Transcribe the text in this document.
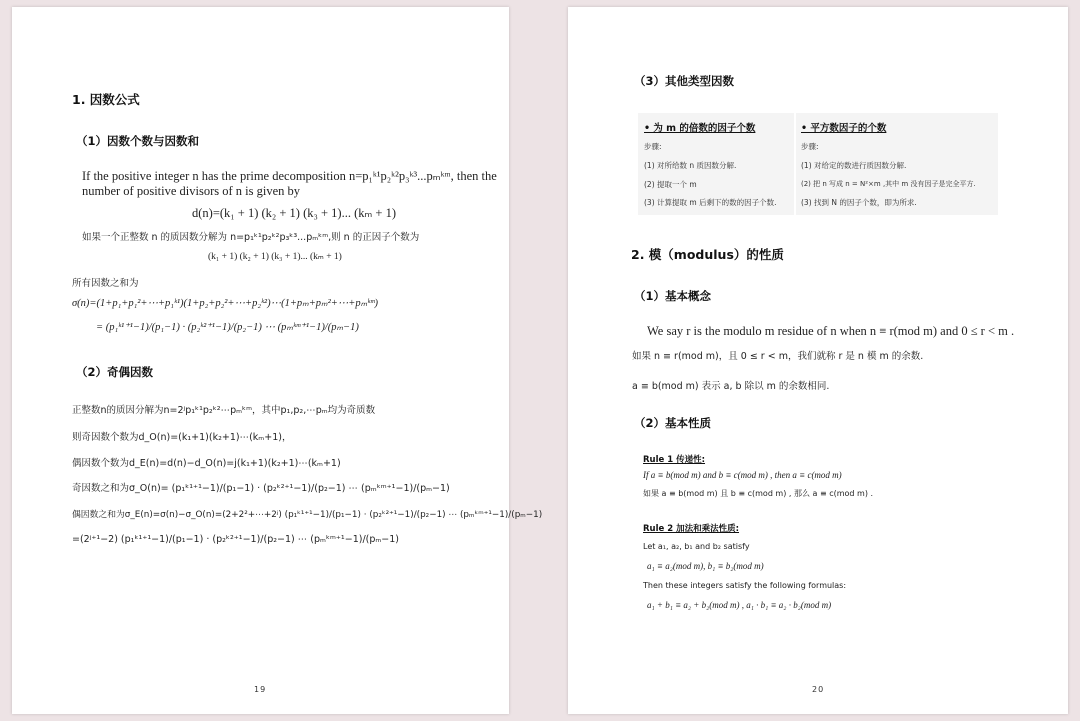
1. 因数公式
（1）因数个数与因数和
If the positive integer n has the prime decomposition n=p₁ᵏ¹p₂ᵏ²p₃ᵏ³...pₘᵏᵐ, then the
number of positive divisors of n is given by
d(n)=(k₁ + 1) (k₂ + 1) (k₃ + 1)... (kₘ + 1)
如果一个正整数 n 的质因数分解为 n=p₁ᵏ¹p₂ᵏ²p₃ᵏ³...pₘᵏᵐ,则 n 的正因子个数为
(k₁ + 1) (k₂ + 1) (k₃ + 1)... (kₘ + 1)
所有因数之和为
σ(n)=(1+p₁+p₁²+⋯+p₁ᵏ¹)(1+p₂+p₂²+⋯+p₂ᵏ²)⋯(1+pₘ+pₘ²+⋯+pₘᵏᵐ)
= (p₁ᵏ¹⁺¹−1)/(p₁−1) · (p₂ᵏ²⁺¹−1)/(p₂−1) ⋯ (pₘᵏᵐ⁺¹−1)/(pₘ−1)
（2）奇偶因数
正整数n的质因分解为n=2ʲp₁ᵏ¹p₂ᵏ²⋯pₘᵏᵐ，其中p₁,p₂,⋯pₘ均为奇质数
则奇因数个数为d_O(n)=(k₁+1)(k₂+1)⋯(kₘ+1)，
偶因数个数为d_E(n)=d(n)−d_O(n)=j(k₁+1)(k₂+1)⋯(kₘ+1)
奇因数之和为σ_O(n)= (p₁ᵏ¹⁺¹−1)/(p₁−1) · (p₂ᵏ²⁺¹−1)/(p₂−1) ⋯ (pₘᵏᵐ⁺¹−1)/(pₘ−1)
偶因数之和为σ_E(n)=σ(n)−σ_O(n)=(2+2²+⋯+2ʲ) (p₁ᵏ¹⁺¹−1)/(p₁−1) · (p₂ᵏ²⁺¹−1)/(p₂−1) ⋯ (pₘᵏᵐ⁺¹−1)/(pₘ−1)
=(2ʲ⁺¹−2) (p₁ᵏ¹⁺¹−1)/(p₁−1) · (p₂ᵏ²⁺¹−1)/(p₂−1) ⋯ (pₘᵏᵐ⁺¹−1)/(pₘ−1)
19
（3）其他类型因数
• 为 m 的倍数的因子个数
步骤:
(1) 对所给数 n 质因数分解.
(2) 提取一个 m
(3) 计算提取 m 后剩下的数的因子个数.
• 平方数因子的个数
步骤:
(1) 对给定的数进行质因数分解.
(2) 把 n 写成 n = N²×m ,其中 m 没有因子是完全平方.
(3) 找到 N 的因子个数，即为所求.
2. 模（modulus）的性质
（1）基本概念
We say r is the modulo m residue of n when n ≡ r(mod m) and 0 ≤ r < m .
如果 n ≡ r(mod m)，且 0 ≤ r < m，我们就称 r 是 n 模 m 的余数.
a ≡ b(mod m) 表示 a, b 除以 m 的余数相同.
（2）基本性质
Rule 1 传递性:
If a ≡ b(mod m) and b ≡ c(mod m) , then a ≡ c(mod m)
如果 a ≡ b(mod m) 且 b ≡ c(mod m) , 那么 a ≡ c(mod m) .
Rule 2 加法和乘法性质:
Let a₁, a₂, b₁ and b₂ satisfy
a₁ ≡ a₂(mod m), b₁ ≡ b₂(mod m)
Then these integers satisfy the following formulas:
a₁ + b₁ ≡ a₂ + b₂(mod m) , a₁ · b₁ ≡ a₂ · b₂(mod m)
20
